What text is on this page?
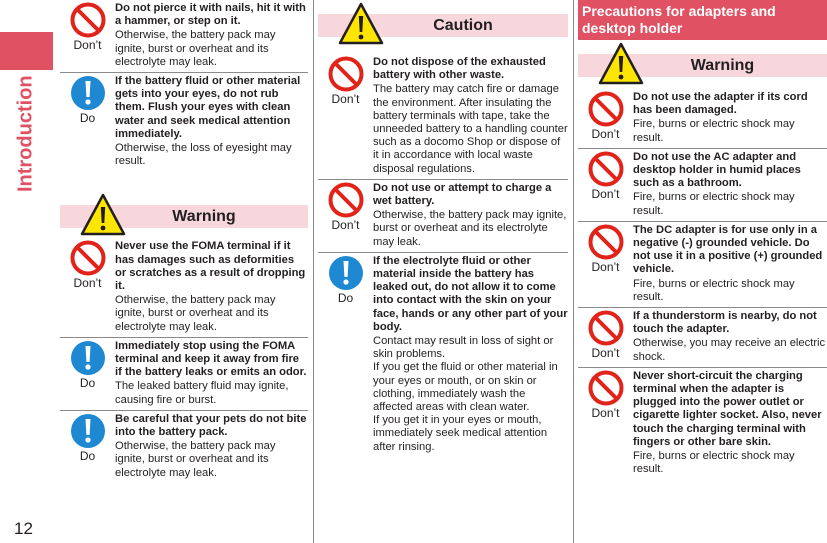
Introduction
12
Don’t
Do not pierce it with nails, hit it with a hammer, or step on it.

Otherwise, the battery pack may ignite, burst or overheat and its electrolyte may leak.

Do
If the battery fluid or other material gets into your eyes, do not rub them. Flush your eyes with clean water and seek medical attention immediately.

Otherwise, the loss of eyesight may result.

Warning
Don’t
Never use the FOMA terminal if it has damages such as deformities or scratches as a result of dropping it.

Otherwise, the battery pack may ignite, burst or overheat and its electrolyte may leak.

Do
Immediately stop using the FOMA terminal and keep it away from fire if the battery leaks or emits an odor.

The leaked battery fluid may ignite, causing fire or burst.

Do
Be careful that your pets do not bite into the battery pack.

Otherwise, the battery pack may ignite, burst or overheat and its electrolyte may leak.

Caution
Don’t
Do not dispose of the exhausted battery with other waste.

The battery may catch fire or damage the environment. After insulating the battery terminals with tape, take the unneeded battery to a handling counter such as a docomo Shop or dispose of it in accordance with local waste disposal regulations.

Don’t
Do not use or attempt to charge a wet battery.

Otherwise, the battery pack may ignite, burst or overheat and its electrolyte may leak.

Do
If the electrolyte fluid or other material inside the battery has leaked out, do not allow it to come into contact with the skin on your face, hands or any other part of your body.

Contact may result in loss of sight or skin problems.

If you get the fluid or other material in your eyes or mouth, or on skin or clothing, immediately wash the affected areas with clean water.

If you get it in your eyes or mouth, immediately seek medical attention after rinsing.

Precautions for adapters and desktop holder
Warning
Don’t
Do not use the adapter if its cord has been damaged.

Fire, burns or electric shock may result.

Don’t
Do not use the AC adapter and desktop holder in humid places such as a bathroom.

Fire, burns or electric shock may result.

Don’t
The DC adapter is for use only in a negative (-) grounded vehicle. Do not use it in a positive (+) grounded vehicle.

Fire, burns or electric shock may result.

Don’t
If a thunderstorm is nearby, do not touch the adapter.

Otherwise, you may receive an electric shock.

Don’t
Never short-circuit the charging terminal when the adapter is plugged into the power outlet or cigarette lighter socket. Also, never touch the charging terminal with fingers or other bare skin.

Fire, burns or electric shock may result.
